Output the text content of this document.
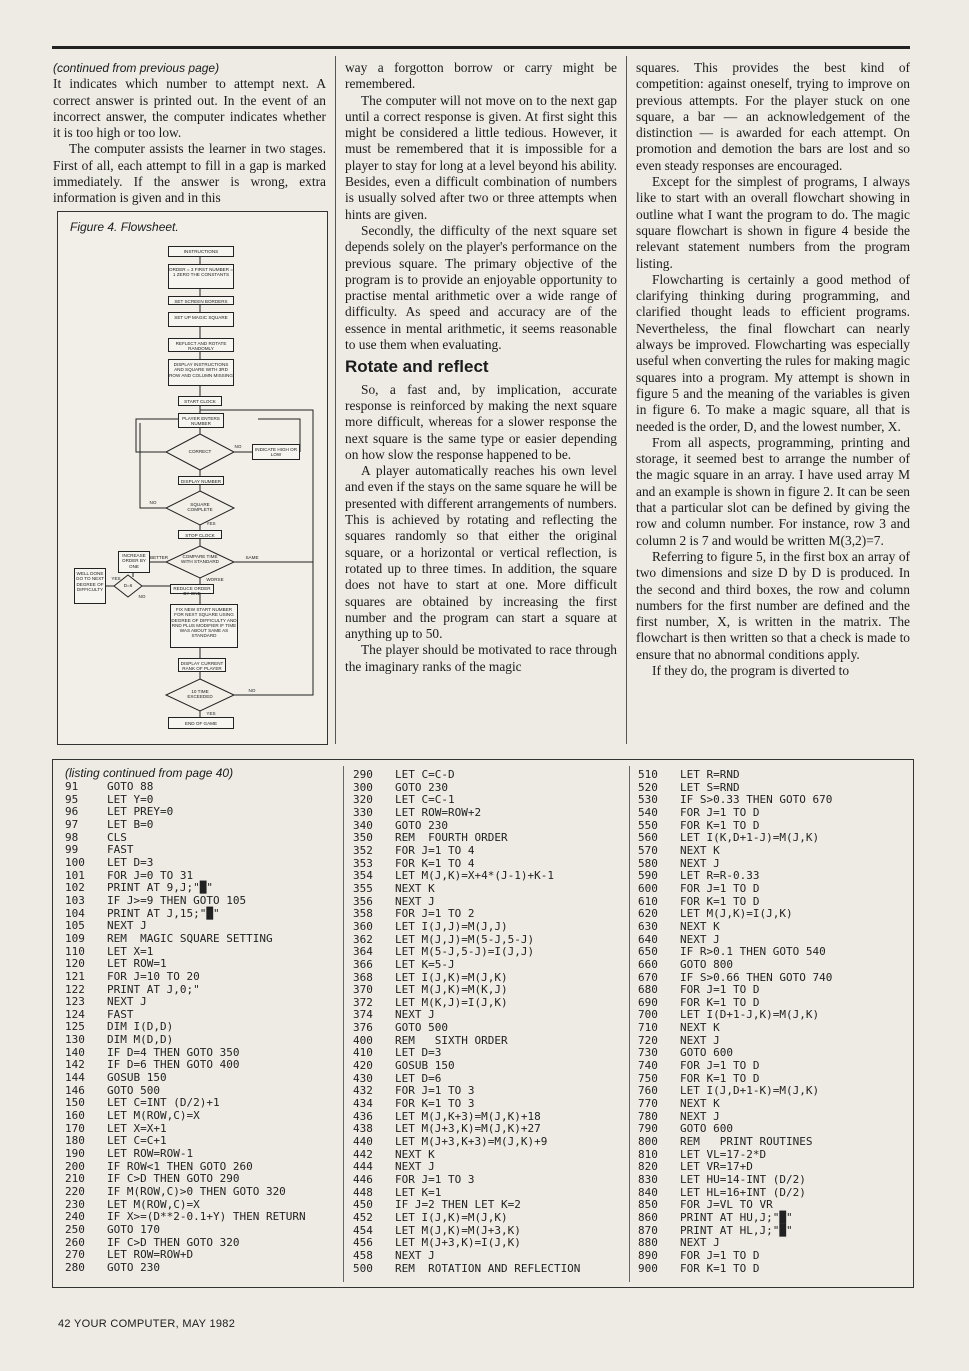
(continued from previous page)

It indicates which number to attempt next. A correct answer is printed out. In the event of an incorrect answer, the computer indicates whether it is too high or too low.

The computer assists the learner in two stages. First of all, each attempt to fill in a gap is marked immediately. If the answer is wrong, extra information is given and in this

Figure 4. Flowsheet.
INSTRUCTIONS
ORDER = 3 FIRST NUMBER = 1 ZERO THE CONSTANTS
SET SCREEN BORDERS
SET UP MAGIC SQUARE
REFLECT AND ROTATE RANDOMLY
DISPLAY INSTRUCTIONS AND SQUARE WITH 3RD ROW AND COLUMN MISSING
START CLOCK
PLAYER ENTERS NUMBER
CORRECT
NO
INDICATE HIGH OR LOW
DISPLAY NUMBER
SQUARE COMPLETE
NO
YES
STOP CLOCK
INCREASE ORDER BY ONE
BETTER	COMPARE TIME WITH STANDARD
SAME
WORSE
WELL DONE GO TO NEXT DEGREE OF DIFFICULTY
YES
D=6
NO
REDUCE ORDER BY ONE
FIX NEW START NUMBER FOR NEXT SQUARE USING DEGREE OF DIFFICULTY AND RND PLUS MODIFIER IF TIME WAS ABOUT SAME AS STANDARD
DISPLAY CURRENT RANK OF PLAYER
10 TIME EXCEEDED
NO
YES
END OF GAME

way a forgotton borrow or carry might be remembered.

The computer will not move on to the next gap until a correct response is given. At first sight this might be considered a little tedious. However, it must be remembered that it is impossible for a player to stay for long at a level beyond his ability. Besides, even a difficult combination of numbers is usually solved after two or three attempts when hints are given.

Secondly, the difficulty of the next square set depends solely on the player's performance on the previous square. The primary objective of the program is to provide an enjoyable opportunity to practise mental arithmetic over a wide range of difficulty. As speed and accuracy are of the essence in mental arithmetic, it seems reasonable to use them when evaluating.

Rotate and reflect

So, a fast and, by implication, accurate response is reinforced by making the next square more difficult, whereas for a slower response the next square is the same type or easier depending on how slow the response happened to be.

A player automatically reaches his own level and even if the stays on the same square he will be presented with different arrangements of numbers. This is achieved by rotating and reflecting the squares randomly so that either the original square, or a horizontal or vertical reflection, is rotated up to three times. In addition, the square does not have to start at one. More difficult squares are obtained by increasing the first number and the program can start a square at anything up to 50.

The player should be motivated to race through the imaginary ranks of the magic

squares. This provides the best kind of competition: against oneself, trying to improve on previous attempts. For the player stuck on one square, a bar — an acknowledgement of the distinction — is awarded for each attempt. On promotion and demotion the bars are lost and so even steady responses are encouraged.

Except for the simplest of programs, I always like to start with an overall flowchart showing in outline what I want the program to do. The magic square flowchart is shown in figure 4 beside the relevant statement numbers from the program listing.

Flowcharting is certainly a good method of clarifying thinking during programming, and clarified thought leads to efficient programs. Nevertheless, the final flowchart can nearly always be improved. Flowcharting was especially useful when converting the rules for making magic squares into a program. My attempt is shown in figure 5 and the meaning of the variables is given in figure 6. To make a magic square, all that is needed is the order, D, and the lowest number, X.

From all aspects, programming, printing and storage, it seemed best to arrange the number of the magic square in an array. I have used array M and an example is shown in figure 2. It can be seen that a particular slot can be defined by giving the row and column number. For instance, row 3 and column 2 is 7 and would be written M(3,2)=7.

Referring to figure 5, in the first box an array of two dimensions and size D by D is produced. In the second and third boxes, the row and column numbers for the first number are defined and the first number, X, is written in the matrix. The flowchart is then written so that a check is made to ensure that no abnormal conditions apply.

If they do, the program is diverted to

(listing continued from page 40)
91	GOTO 88
95	LET Y=0
96	LET PREY=0
97	LET B=0
98	CLS
99	FAST
100 LET D=3
101 FOR J=0 TO 31
102 PRINT AT 9,J;"█"
103 IF J>=9 THEN GOTO 105
104 PRINT AT J,15;"█"
105 NEXT J
109 REM  MAGIC SQUARE SETTING
110 LET X=1
120 LET ROW=1
121 FOR J=10 TO 20
122 PRINT AT J,0;"
123 NEXT J
124 FAST
125 DIM I(D,D)
130 DIM M(D,D)
140 IF D=4 THEN GOTO 350
142 IF D=6 THEN GOTO 400
144 GOSUB 150
146 GOTO 500
150 LET C=INT (D/2)+1
160 LET M(ROW,C)=X
170 LET X=X+1
180 LET C=C+1
190 LET ROW=ROW-1
200 IF ROW<1 THEN GOTO 260
210 IF C>D THEN GOTO 290
220 IF M(ROW,C)>0 THEN GOTO 320
230 LET M(ROW,C)=X
240 IF X>=(D**2-0.1+Y) THEN RETURN
250 GOTO 170
260 IF C>D THEN GOTO 320
270 LET ROW=ROW+D
280 GOTO 230
290 LET C=C-D
300 GOTO 230
320 LET C=C-1
330 LET ROW=ROW+2
340 GOTO 230
350 REM  FOURTH ORDER
352 FOR J=1 TO 4
353 FOR K=1 TO 4
354 LET M(J,K)=X+4*(J-1)+K-1
355 NEXT K
356 NEXT J
358 FOR J=1 TO 2
360 LET I(J,J)=M(J,J)
362 LET M(J,J)=M(5-J,5-J)
364 LET M(5-J,5-J)=I(J,J)
366 LET K=5-J
368 LET I(J,K)=M(J,K)
370 LET M(J,K)=M(K,J)
372 LET M(K,J)=I(J,K)
374 NEXT J
376 GOTO 500
400 REM   SIXTH ORDER
410 LET D=3
420 GOSUB 150
430 LET D=6
432 FOR J=1 TO 3
434 FOR K=1 TO 3
436 LET M(J,K+3)=M(J,K)+18
438 LET M(J+3,K)=M(J,K)+27
440 LET M(J+3,K+3)=M(J,K)+9
442 NEXT K
444 NEXT J
446 FOR J=1 TO 3
448 LET K=1
450 IF J=2 THEN LET K=2
452 LET I(J,K)=M(J,K)
454 LET M(J,K)=M(J+3,K)
456 LET M(J+3,K)=I(J,K)
458 NEXT J
500 REM  ROTATION AND REFLECTION
510 LET R=RND
520 LET S=RND
530 IF S>0.33 THEN GOTO 670
540 FOR J=1 TO D
550 FOR K=1 TO D
560 LET I(K,D+1-J)=M(J,K)
570 NEXT K
580 NEXT J
590 LET R=R-0.33
600 FOR J=1 TO D
610 FOR K=1 TO D
620 LET M(J,K)=I(J,K)
630 NEXT K
640 NEXT J
650 IF R>0.1 THEN GOTO 540
660 GOTO 800
670 IF S>0.66 THEN GOTO 740
680 FOR J=1 TO D
690 FOR K=1 TO D
700 LET I(D+1-J,K)=M(J,K)
710 NEXT K
720 NEXT J
730 GOTO 600
740 FOR J=1 TO D
750 FOR K=1 TO D
760 LET I(J,D+1-K)=M(J,K)
770 NEXT K
780 NEXT J
790 GOTO 600
800 REM   PRINT ROUTINES
810 LET VL=17-2*D
820 LET VR=17+D
830 LET HU=14-INT (D/2)
840 LET HL=16+INT (D/2)
850 FOR J=VL TO VR
860 PRINT AT HU,J;"█"
870 PRINT AT HL,J;"█"
880 NEXT J
890 FOR J=1 TO D
900 FOR K=1 TO D
42 YOUR COMPUTER, MAY 1982
